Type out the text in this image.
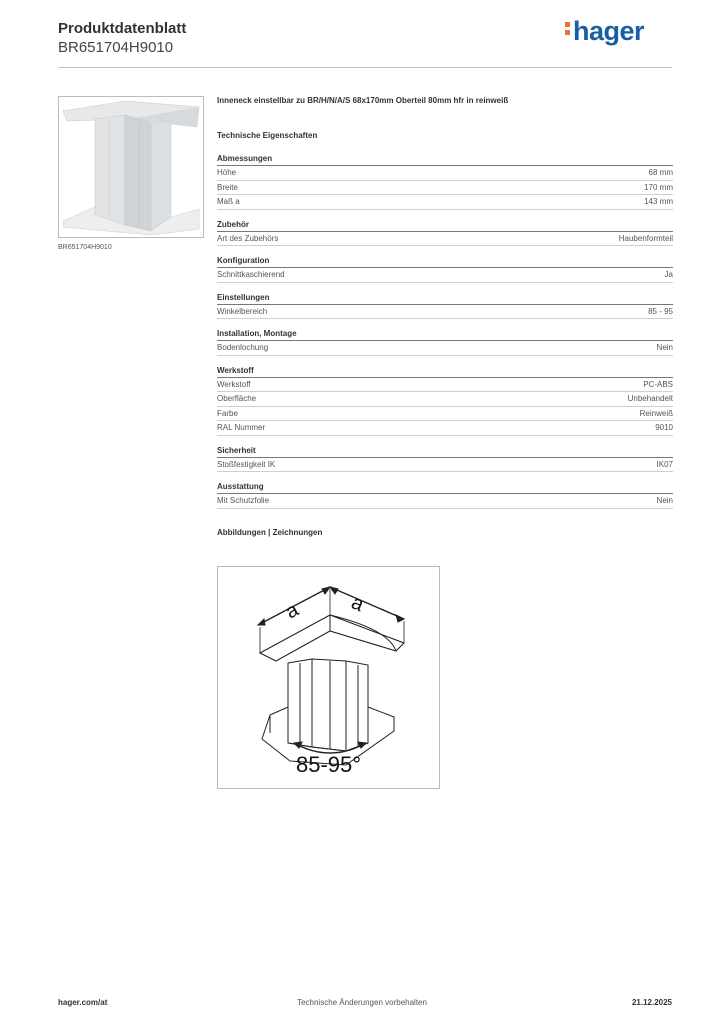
Produktdatenblatt
BR651704H9010
hager
BR651704H9010
Inneneck einstellbar zu BR/H/N/A/S 68x170mm Oberteil 80mm hfr in reinweiß
Technische Eigenschaften
Abmessungen
Höhe	68 mm
Breite	170 mm
Maß a	143 mm
Zubehör
Art des Zubehörs	Haubenformteil
Konfiguration
Schnittkaschierend	Ja
Einstellungen
Winkelbereich	85 - 95
Installation, Montage
Bodenlochung	Nein
Werkstoff
Werkstoff	PC-ABS
Oberfläche	Unbehandelt
Farbe	Reinweiß
RAL Nummer	9010
Sicherheit
Stoßfestigkeit IK	IK07
Ausstattung
Mit Schutzfolie	Nein
Abbildungen | Zeichnungen
a a
85-95°
hager.com/at	Technische Änderungen vorbehalten	21.12.2025
